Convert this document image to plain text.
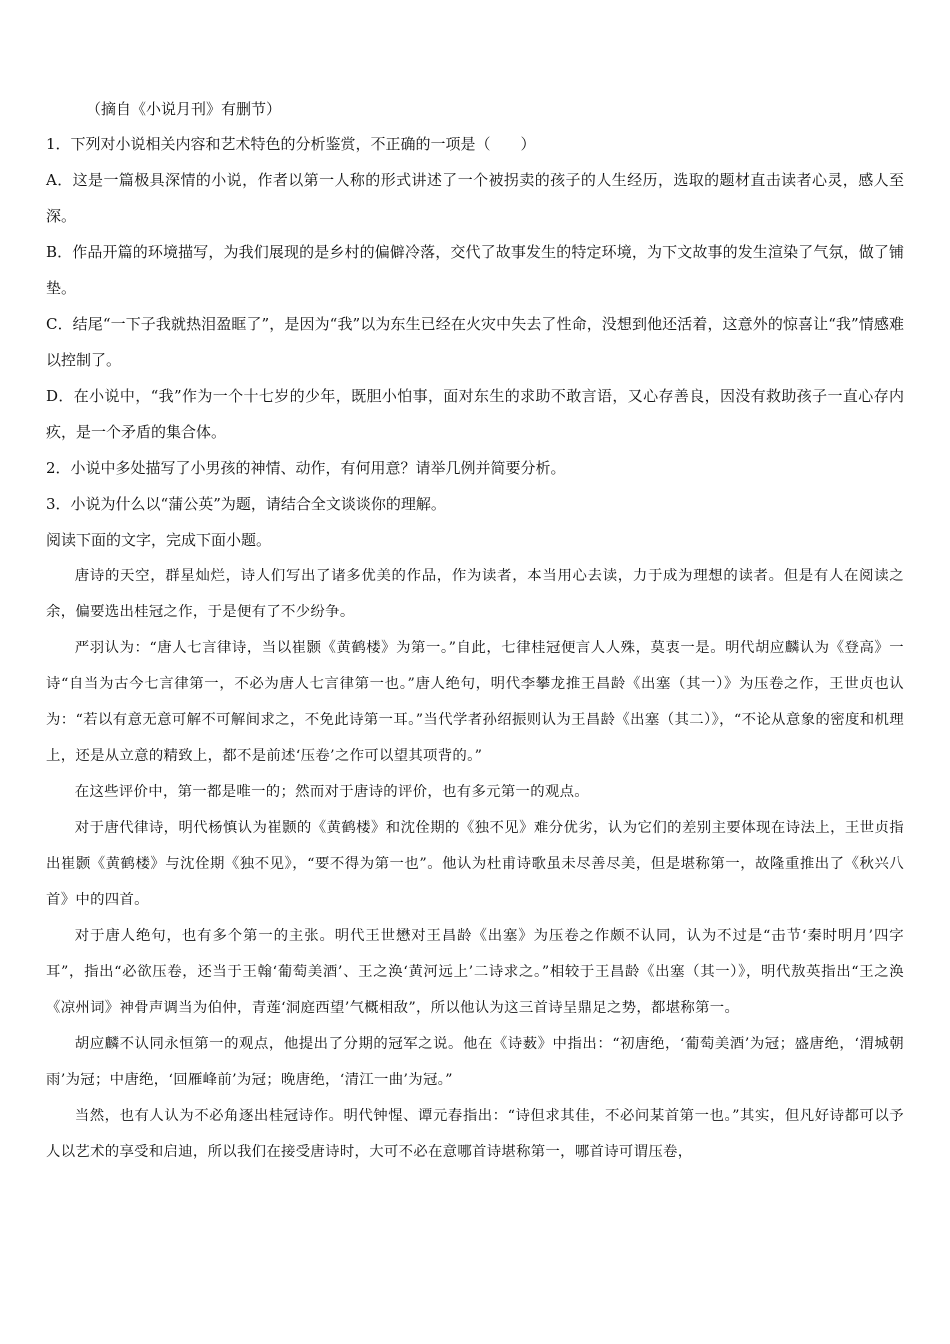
（摘自《小说月刊》有删节）

1．下列对小说相关内容和艺术特色的分析鉴赏，不正确的一项是（　　）

A．这是一篇极具深情的小说，作者以第一人称的形式讲述了一个被拐卖的孩子的人生经历，选取的题材直击读者心灵，感人至深。

B．作品开篇的环境描写，为我们展现的是乡村的偏僻冷落，交代了故事发生的特定环境，为下文故事的发生渲染了气氛，做了铺垫。

C．结尾“一下子我就热泪盈眶了”，是因为“我”以为东生已经在火灾中失去了性命，没想到他还活着，这意外的惊喜让“我”情感难以控制了。

D．在小说中，“我”作为一个十七岁的少年，既胆小怕事，面对东生的求助不敢言语，又心存善良，因没有救助孩子一直心存内疚，是一个矛盾的集合体。

2．小说中多处描写了小男孩的神情、动作，有何用意？请举几例并简要分析。

3．小说为什么以“蒲公英”为题，请结合全文谈谈你的理解。

阅读下面的文字，完成下面小题。

唐诗的天空，群星灿烂，诗人们写出了诸多优美的作品，作为读者，本当用心去读，力于成为理想的读者。但是有人在阅读之余，偏要选出桂冠之作，于是便有了不少纷争。

严羽认为：“唐人七言律诗，当以崔颢《黄鹤楼》为第一。”自此，七律桂冠便言人人殊，莫衷一是。明代胡应麟认为《登高》一诗“自当为古今七言律第一，不必为唐人七言律第一也。”唐人绝句，明代李攀龙推王昌龄《出塞（其一）》为压卷之作，王世贞也认为：“若以有意无意可解不可解间求之，不免此诗第一耳。”当代学者孙绍振则认为王昌龄《出塞（其二）》，“不论从意象的密度和机理上，还是从立意的精致上，都不是前述‘压卷’之作可以望其项背的。”

在这些评价中，第一都是唯一的；然而对于唐诗的评价，也有多元第一的观点。

对于唐代律诗，明代杨慎认为崔颢的《黄鹤楼》和沈佺期的《独不见》难分优劣，认为它们的差别主要体现在诗法上，王世贞指出崔颢《黄鹤楼》与沈佺期《独不见》，“要不得为第一也”。他认为杜甫诗歌虽未尽善尽美，但是堪称第一，故隆重推出了《秋兴八首》中的四首。

对于唐人绝句，也有多个第一的主张。明代王世懋对王昌龄《出塞》为压卷之作颇不认同，认为不过是“击节‘秦时明月’四字耳”，指出“必欲压卷，还当于王翰‘葡萄美酒’、王之涣‘黄河远上’二诗求之。”相较于王昌龄《出塞（其一）》，明代敖英指出“王之涣《凉州词》神骨声调当为伯仲，青莲‘洞庭西望’气概相敌”，所以他认为这三首诗呈鼎足之势，都堪称第一。

胡应麟不认同永恒第一的观点，他提出了分期的冠军之说。他在《诗薮》中指出：“初唐绝，‘葡萄美酒’为冠；盛唐绝，‘渭城朝雨’为冠；中唐绝，‘回雁峰前’为冠；晚唐绝，‘清江一曲’为冠。”

当然，也有人认为不必角逐出桂冠诗作。明代钟惺、谭元春指出：“诗但求其佳，不必问某首第一也。”其实，但凡好诗都可以予人以艺术的享受和启迪，所以我们在接受唐诗时，大可不必在意哪首诗堪称第一，哪首诗可谓压卷，
